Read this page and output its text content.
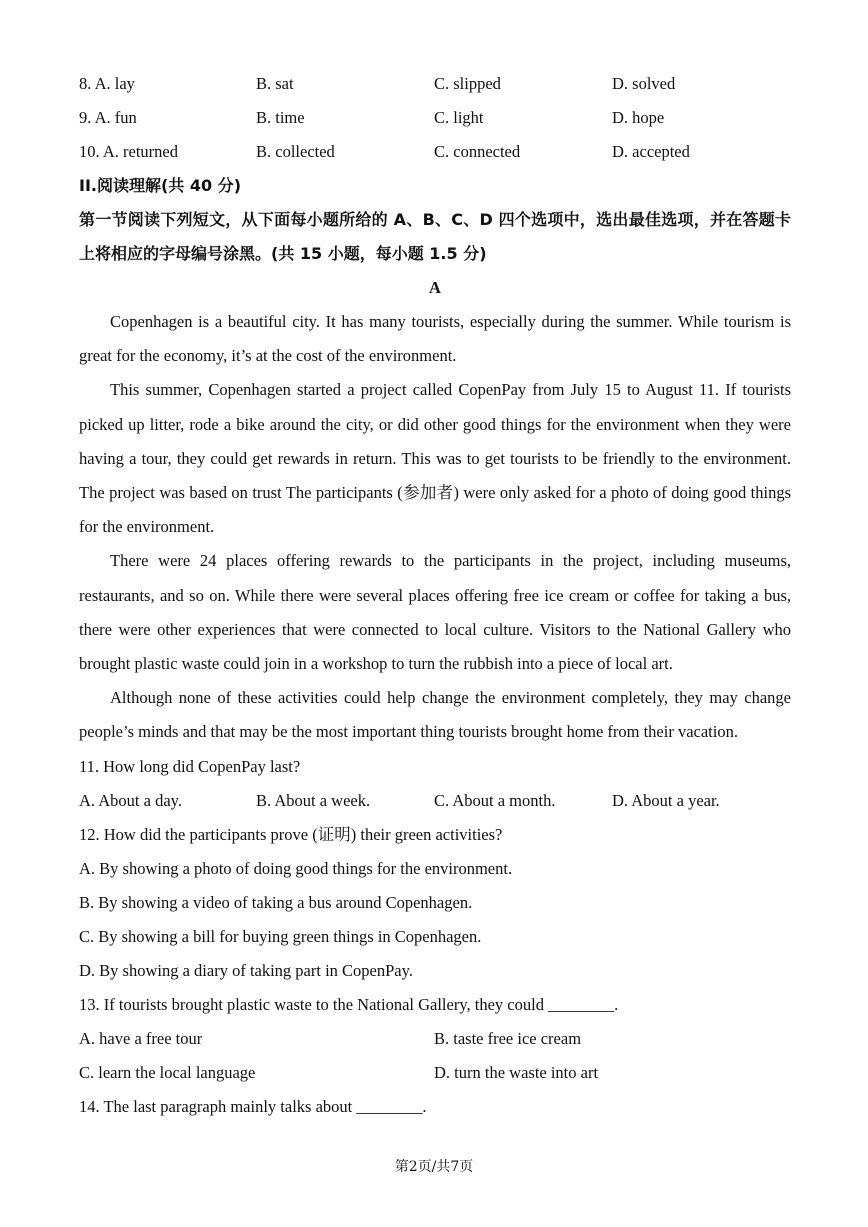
8. A. lay	B. sat	C. slipped	D. solved
9. A. fun	B. time	C. light	D. hope
10. A. returned	B. collected	C. connected	D. accepted
II.阅读理解(共 40 分)
第一节阅读下列短文，从下面每小题所给的 A、B、C、D 四个选项中，选出最佳选项，并在答题卡上将相应的字母编号涂黑。(共 15 小题，每小题 1.5 分)
A

Copenhagen is a beautiful city. It has many tourists, especially during the summer. While tourism is great for the economy, it’s at the cost of the environment.

This summer, Copenhagen started a project called CopenPay from July 15 to August 11. If tourists picked up litter, rode a bike around the city, or did other good things for the environment when they were having a tour, they could get rewards in return. This was to get tourists to be friendly to the environment. The project was based on trust The participants (参加者) were only asked for a photo of doing good things for the environment.

There were 24 places offering rewards to the participants in the project, including museums, restaurants, and so on. While there were several places offering free ice cream or coffee for taking a bus, there were other experiences that were connected to local culture. Visitors to the National Gallery who brought plastic waste could join in a workshop to turn the rubbish into a piece of local art.

Although none of these activities could help change the environment completely, they may change people’s minds and that may be the most important thing tourists brought home from their vacation.

11. How long did CopenPay last?
A. About a day.	B. About a week.	C. About a month.	D. About a year.
12. How did the participants prove (证明) their green activities?
A. By showing a photo of doing good things for the environment.
B. By showing a video of taking a bus around Copenhagen.
C. By showing a bill for buying green things in Copenhagen.
D. By showing a diary of taking part in CopenPay.
13. If tourists brought plastic waste to the National Gallery, they could ________.
A. have a free tour	B. taste free ice cream
C. learn the local language	D. turn the waste into art
14. The last paragraph mainly talks about ________.
第2页/共7页
